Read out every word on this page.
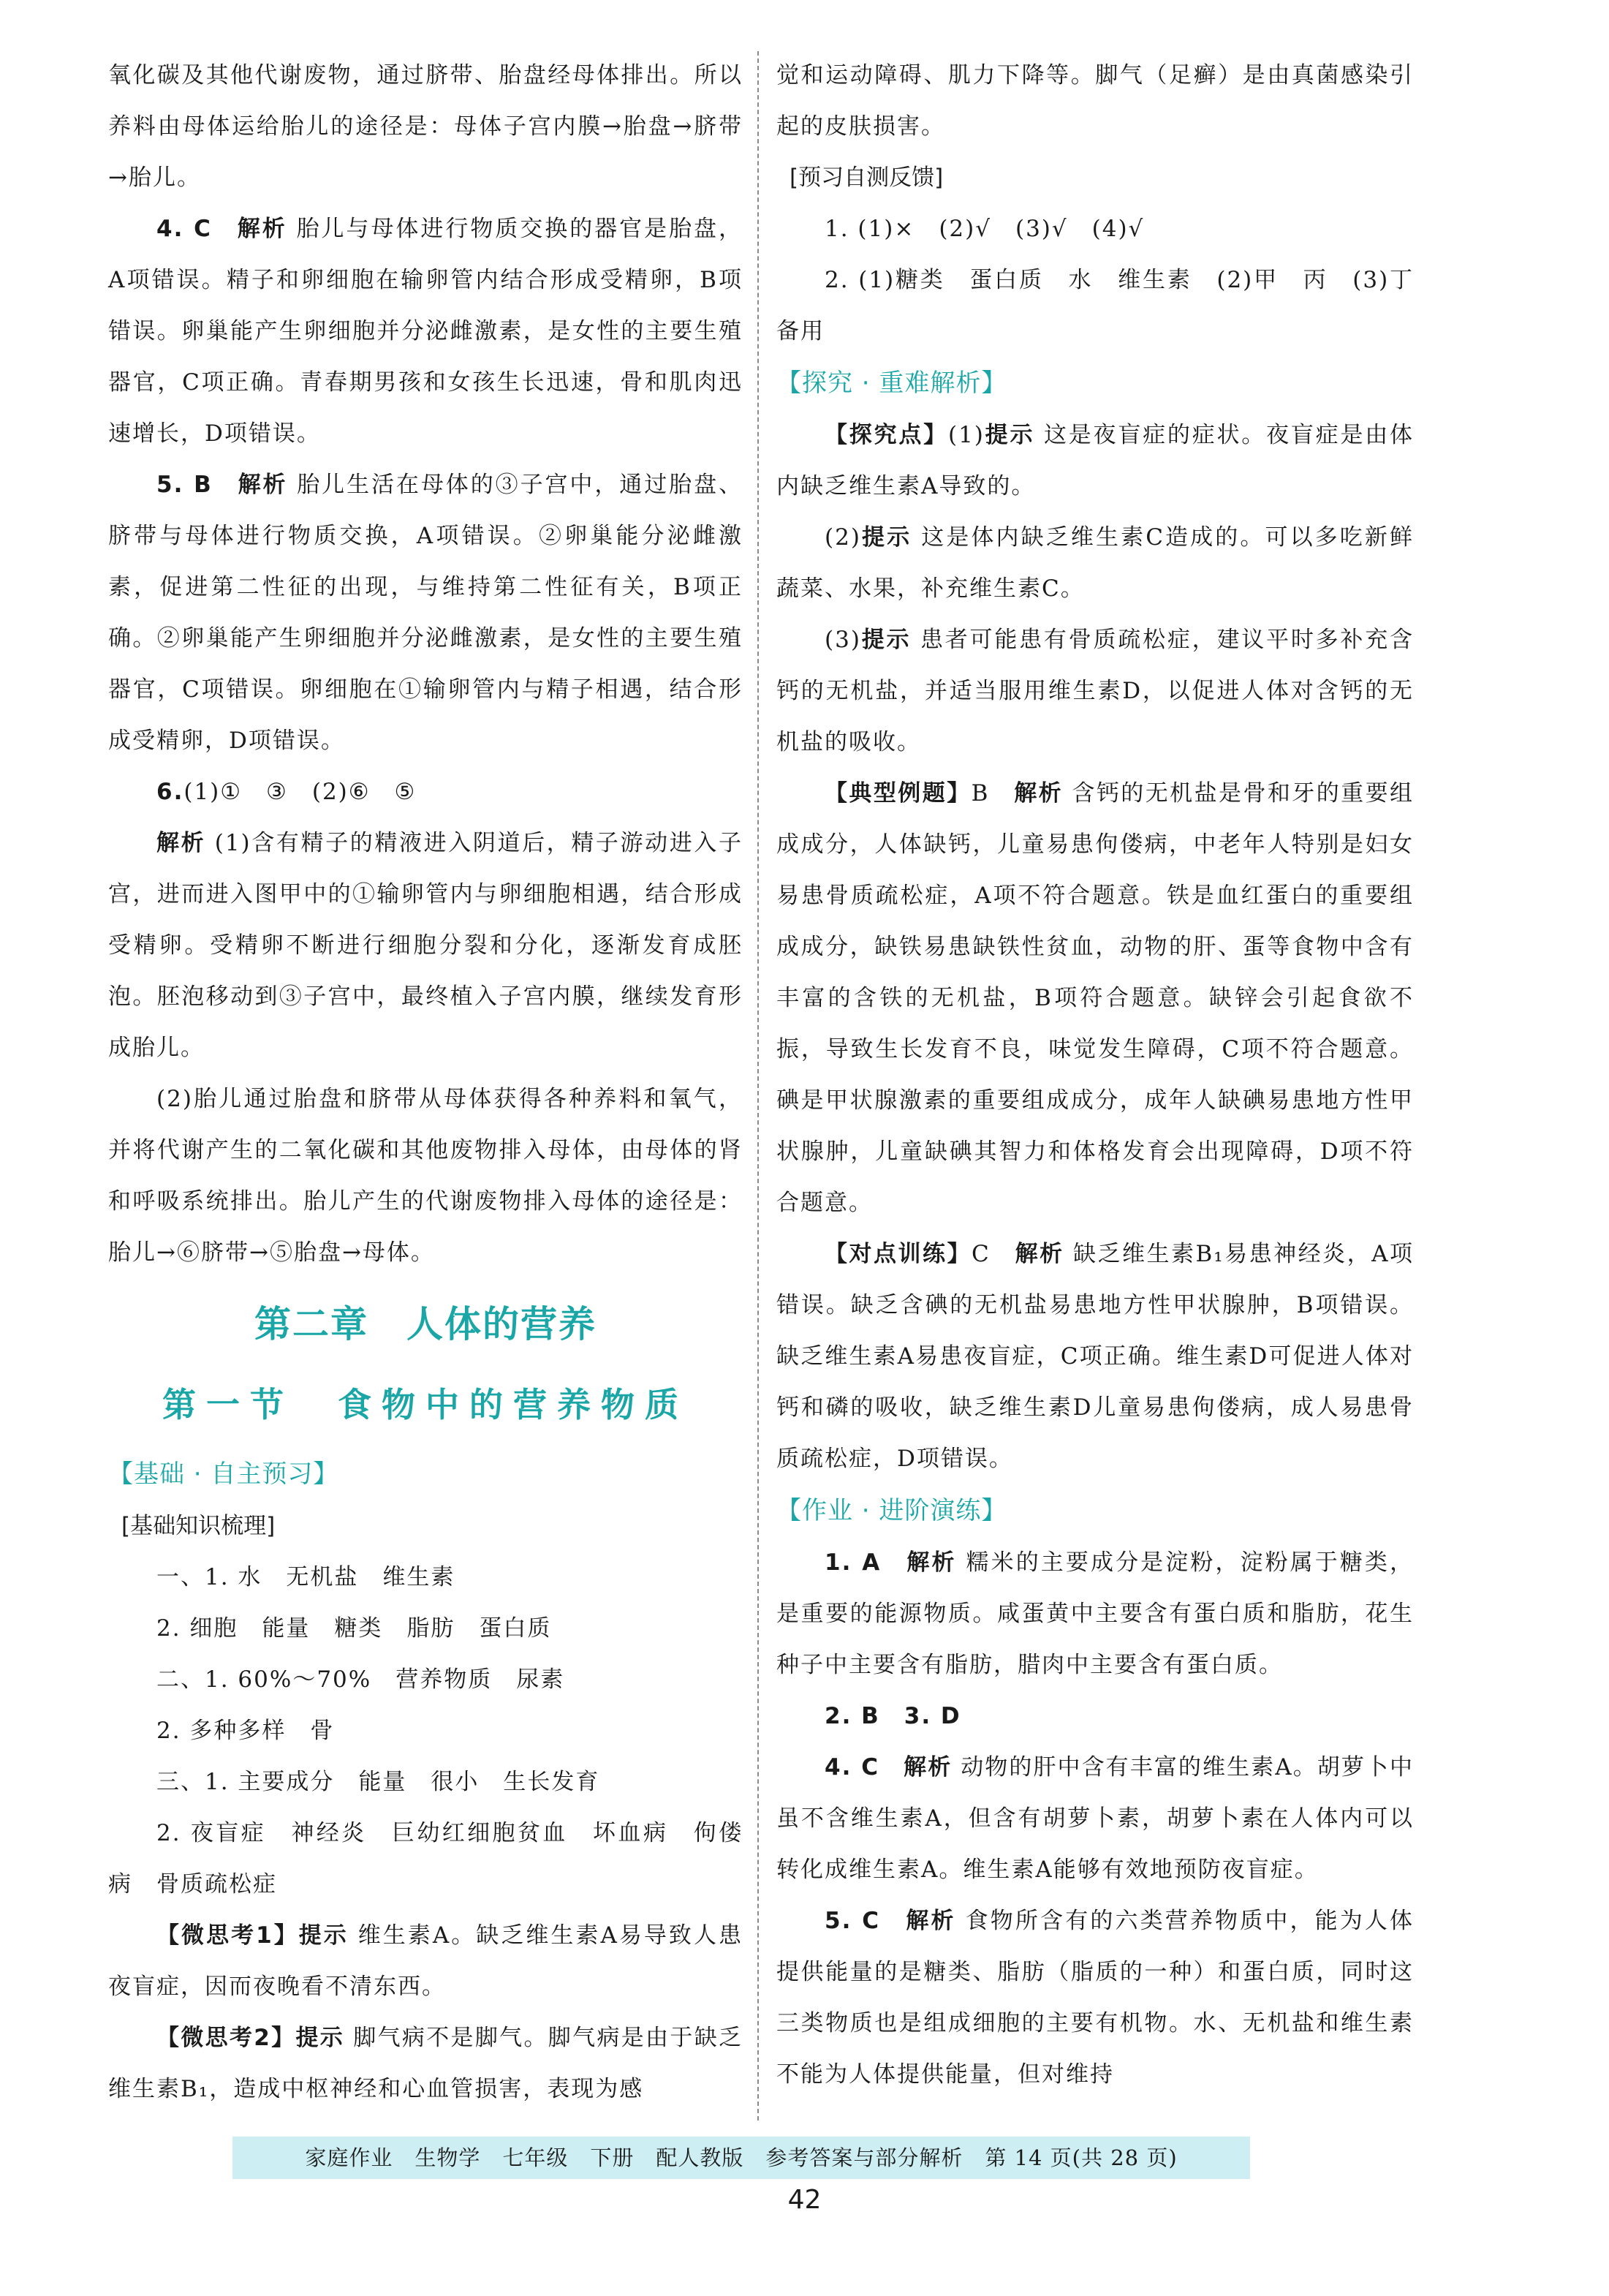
氧化碳及其他代谢废物，通过脐带、胎盘经母体排出。所以养料由母体运给胎儿的途径是：母体子宫内膜→胎盘→脐带→胎儿。

4. C　 解析 胎儿与母体进行物质交换的器官是胎盘，A项错误。精子和卵细胞在输卵管内结合形成受精卵，B项错误。卵巢能产生卵细胞并分泌雌激素，是女性的主要生殖器官，C项正确。青春期男孩和女孩生长迅速，骨和肌肉迅速增长，D项错误。

5. B　 解析 胎儿生活在母体的③子宫中，通过胎盘、脐带与母体进行物质交换，A项错误。②卵巢能分泌雌激素，促进第二性征的出现，与维持第二性征有关，B项正确。②卵巢能产生卵细胞并分泌雌激素，是女性的主要生殖器官，C项错误。卵细胞在①输卵管内与精子相遇，结合形成受精卵，D项错误。

6.(1)①　③　(2)⑥　⑤

解析 (1)含有精子的精液进入阴道后，精子游动进入子宫，进而进入图甲中的①输卵管内与卵细胞相遇，结合形成受精卵。受精卵不断进行细胞分裂和分化，逐渐发育成胚泡。胚泡移动到③子宫中，最终植入子宫内膜，继续发育形成胎儿。

(2)胎儿通过胎盘和脐带从母体获得各种养料和氧气，并将代谢产生的二氧化碳和其他废物排入母体，由母体的肾和呼吸系统排出。胎儿产生的代谢废物排入母体的途径是：胎儿→⑥脐带→⑤胎盘→母体。

第二章　人体的营养

第一节　食物中的营养物质

【基础 · 自主预习】

[基础知识梳理]

一、1. 水　无机盐　维生素

2. 细胞　能量　糖类　脂肪　蛋白质

二、1. 60%～70%　营养物质　尿素

2. 多种多样　骨

三、1. 主要成分　能量　很小　生长发育

2. 夜盲症　神经炎　巨幼红细胞贫血　坏血病　佝偻病　骨质疏松症

【微思考1】提示 维生素A。缺乏维生素A易导致人患夜盲症，因而夜晚看不清东西。

【微思考2】提示 脚气病不是脚气。脚气病是由于缺乏维生素B₁，造成中枢神经和心血管损害，表现为感

觉和运动障碍、肌力下降等。脚气（足癣）是由真菌感染引起的皮肤损害。

[预习自测反馈]

1. (1)×　(2)√　(3)√　(4)√

2. (1)糖类　蛋白质　水　维生素　(2)甲　丙　(3)丁　备用

【探究 · 重难解析】

【探究点】(1)提示 这是夜盲症的症状。夜盲症是由体内缺乏维生素A导致的。

(2)提示 这是体内缺乏维生素C造成的。可以多吃新鲜蔬菜、水果，补充维生素C。

(3)提示 患者可能患有骨质疏松症，建议平时多补充含钙的无机盐，并适当服用维生素D，以促进人体对含钙的无机盐的吸收。

【典型例题】B　 解析 含钙的无机盐是骨和牙的重要组成成分，人体缺钙，儿童易患佝偻病，中老年人特别是妇女易患骨质疏松症，A项不符合题意。铁是血红蛋白的重要组成成分，缺铁易患缺铁性贫血，动物的肝、蛋等食物中含有丰富的含铁的无机盐，B项符合题意。缺锌会引起食欲不振，导致生长发育不良，味觉发生障碍，C项不符合题意。碘是甲状腺激素的重要组成成分，成年人缺碘易患地方性甲状腺肿，儿童缺碘其智力和体格发育会出现障碍，D项不符合题意。

【对点训练】C　 解析 缺乏维生素B₁易患神经炎，A项错误。缺乏含碘的无机盐易患地方性甲状腺肿，B项错误。缺乏维生素A易患夜盲症，C项正确。维生素D可促进人体对钙和磷的吸收，缺乏维生素D儿童易患佝偻病，成人易患骨质疏松症，D项错误。

【作业 · 进阶演练】

1. A　 解析 糯米的主要成分是淀粉，淀粉属于糖类，是重要的能源物质。咸蛋黄中主要含有蛋白质和脂肪，花生种子中主要含有脂肪，腊肉中主要含有蛋白质。

2. B　3. D

4. C　 解析 动物的肝中含有丰富的维生素A。胡萝卜中虽不含维生素A，但含有胡萝卜素，胡萝卜素在人体内可以转化成维生素A。维生素A能够有效地预防夜盲症。

5. C　 解析 食物所含有的六类营养物质中，能为人体提供能量的是糖类、脂肪（脂质的一种）和蛋白质，同时这三类物质也是组成细胞的主要有机物。水、无机盐和维生素不能为人体提供能量，但对维持

家庭作业　生物学　七年级　下册　配人教版　参考答案与部分解析　第 14 页(共 28 页)
42
